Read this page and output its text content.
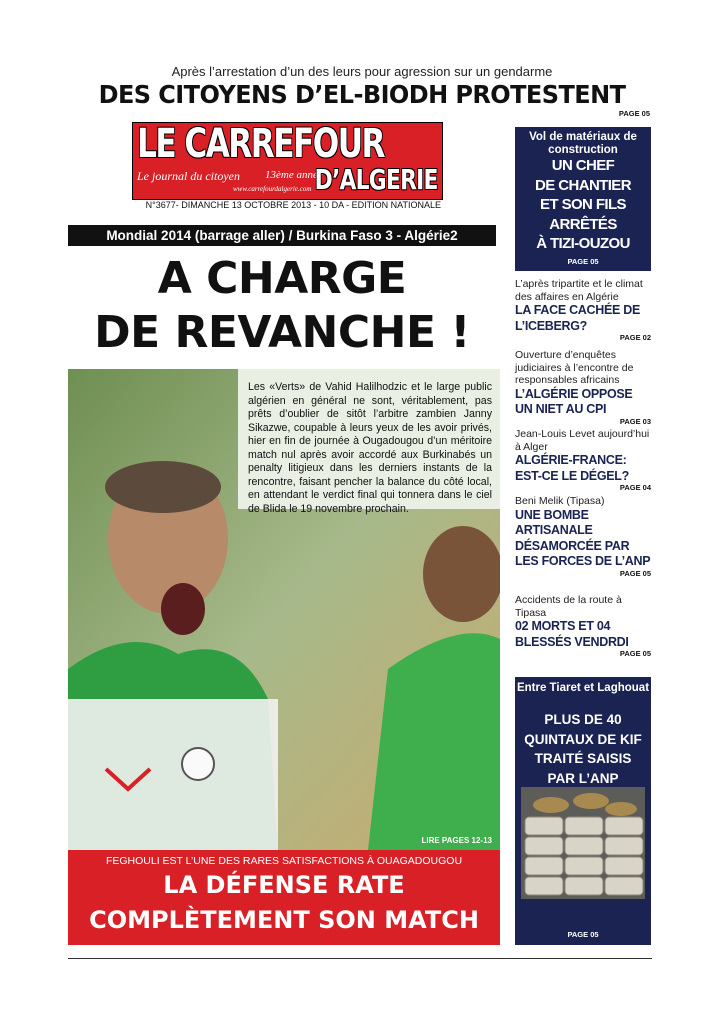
Après l’arrestation d’un des leurs pour agression sur un gendarme
DES CITOYENS D’EL-BIODH PROTESTENT
PAGE 05
LE CARREFOUR
Le journal du citoyen 13ème année
www.carrefourdalgerie.com D’ALGERIE
N°3677- DIMANCHE 13 OCTOBRE 2013 - 10 DA - EDITION NATIONALE
Mondial 2014 (barrage aller) / Burkina Faso 3 - Algérie2
A CHARGE
DE REVANCHE !
Les «Verts» de Vahid Halilhodzic et le large public algérien en général ne sont, véritablement, pas prêts d’oublier de sitôt l’arbitre zambien Janny Sikazwe, coupable à leurs yeux de les avoir privés, hier en fin de journée à Ougadougou d’un méritoire match nul après avoir accordé aux Burkinabés un penalty litigieux dans les derniers instants de la rencontre, faisant pencher la balance du côté local, en attendant le verdict final qui tonnera dans le ciel de Blida le 19 novembre prochain.
LIRE PAGES 12-13
FEGHOULI EST L’UNE DES RARES SATISFACTIONS À OUAGADOUGOU
LA DÉFENSE RATE
COMPLÈTEMENT SON MATCH
Vol de matériaux de construction
UN CHEF
DE CHANTIER
ET SON FILS
ARRÊTÉS
À TIZI-OUZOU
PAGE 05
L’après tripartite et le climat des affaires en Algérie
LA FACE CACHÉE DE L’ICEBERG?
PAGE 02
Ouverture d’enquêtes judiciaires à l’encontre de responsables africains
L’ALGÉRIE OPPOSE UN NIET AU CPI
PAGE 03
Jean-Louis Levet aujourd’hui à Alger
ALGÉRIE-FRANCE: EST-CE LE DÉGEL?
PAGE 04
Beni Melik (Tipasa)
UNE BOMBE ARTISANALE DÉSAMORCÉE PAR LES FORCES DE L’ANP
PAGE 05
Accidents de la route à Tipasa
02 MORTS ET 04 BLESSÉS VENDRDI
PAGE 05
Entre Tiaret et Laghouat
PLUS DE 40
QUINTAUX DE KIF
TRAITÉ SAISIS
PAR L’ANP
PAGE 05
